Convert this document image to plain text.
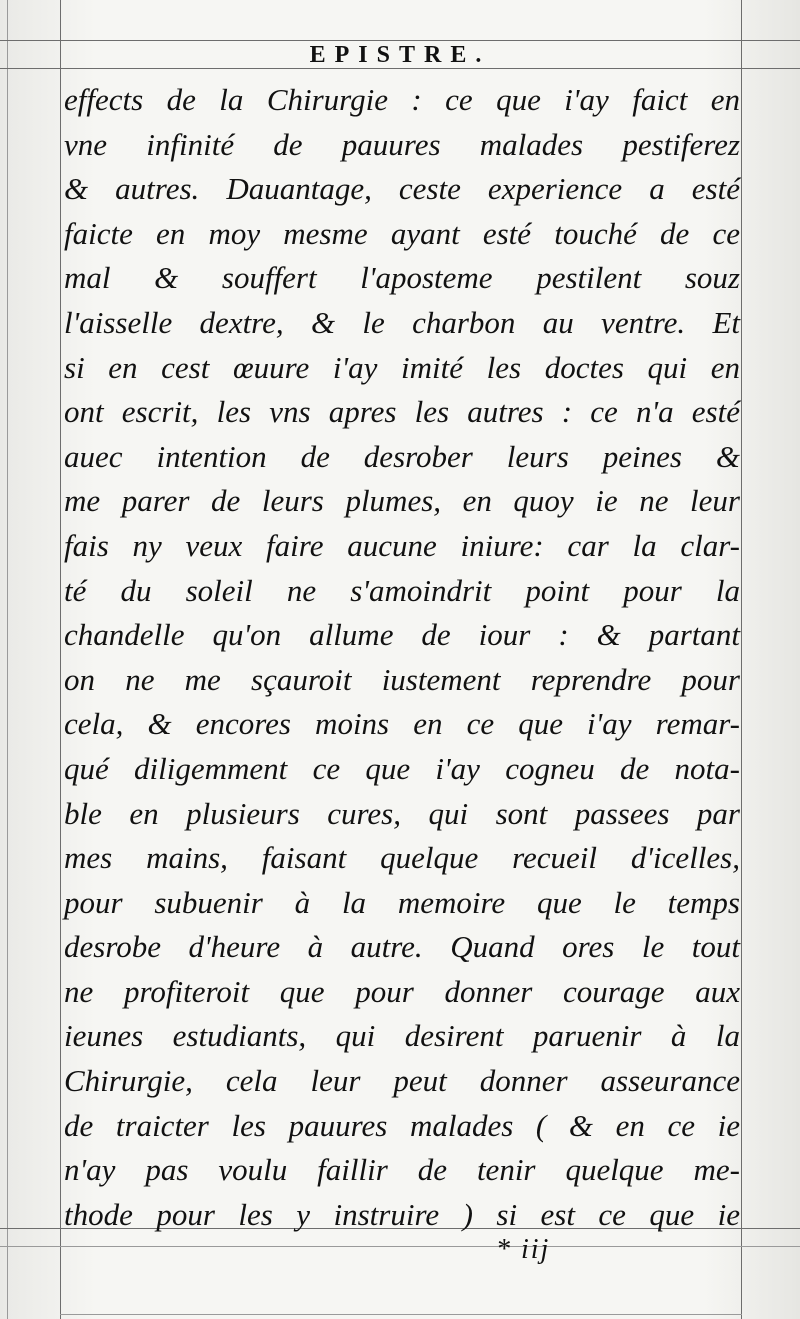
EPISTRE.
effects de la Chirurgie : ce que i'ay faict en
vne infinité de pauures malades pestiferez
& autres. Dauantage, ceste experience a esté
faicte en moy mesme ayant esté touché de ce
mal & souffert l'aposteme pestilent souz
l'aisselle dextre, & le charbon au ventre. Et
si en cest œuure i'ay imité les doctes qui en
ont escrit, les vns apres les autres : ce n'a esté
auec intention de desrober leurs peines &
me parer de leurs plumes, en quoy ie ne leur
fais ny veux faire aucune iniure: car la clar-
té du soleil ne s'amoindrit point pour la
chandelle qu'on allume de iour : & partant
on ne me sçauroit iustement reprendre pour
cela, & encores moins en ce que i'ay remar-
qué diligemment ce que i'ay cogneu de nota-
ble en plusieurs cures, qui sont passees par
mes mains, faisant quelque recueil d'icelles,
pour subuenir à la memoire que le temps
desrobe d'heure à autre. Quand ores le tout
ne profiteroit que pour donner courage aux
ieunes estudiants, qui desirent paruenir à la
Chirurgie, cela leur peut donner asseurance
de traicter les pauures malades ( & en ce ie
n'ay pas voulu faillir de tenir quelque me-
thode pour les y instruire ) si est ce que ie
* iij
